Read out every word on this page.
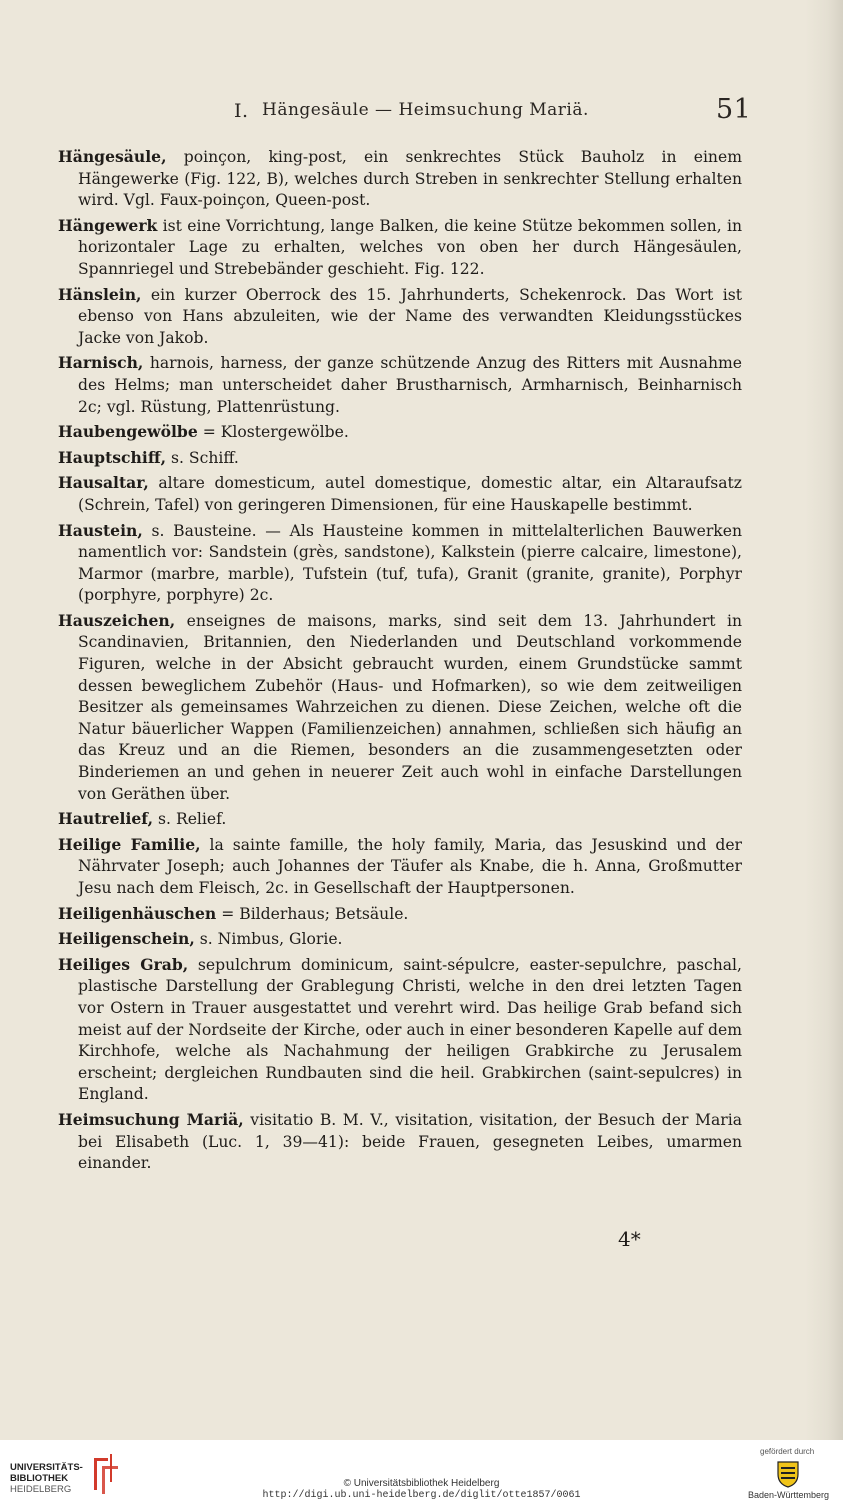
I. Hängesäule — Heimsuchung Mariä.	51

Hängesäule, poinçon, king-post, ein senkrechtes Stück Bauholz in einem Hängewerke (Fig. 122, B), welches durch Streben in senkrechter Stellung erhalten wird. Vgl. Faux-poinçon, Queen-post.

Hängewerk ist eine Vorrichtung, lange Balken, die keine Stütze bekommen sollen, in horizontaler Lage zu erhalten, welches von oben her durch Hängesäulen, Spannriegel und Strebebänder geschieht. Fig. 122.

Hänslein, ein kurzer Oberrock des 15. Jahrhunderts, Schekenrock. Das Wort ist ebenso von Hans abzuleiten, wie der Name des verwandten Kleidungsstückes Jacke von Jakob.

Harnisch, harnois, harness, der ganze schützende Anzug des Ritters mit Ausnahme des Helms; man unterscheidet daher Brustharnisch, Armharnisch, Beinharnisch 2c; vgl. Rüstung, Plattenrüstung.

Haubengewölbe = Klostergewölbe.

Hauptschiff, s. Schiff.

Hausaltar, altare domesticum, autel domestique, domestic altar, ein Altaraufsatz (Schrein, Tafel) von geringeren Dimensionen, für eine Hauskapelle bestimmt.

Haustein, s. Bausteine. — Als Hausteine kommen in mittelalterlichen Bauwerken namentlich vor: Sandstein (grès, sandstone), Kalkstein (pierre calcaire, limestone), Marmor (marbre, marble), Tufstein (tuf, tufa), Granit (granite, granite), Porphyr (porphyre, porphyre) 2c.

Hauszeichen, enseignes de maisons, marks, sind seit dem 13. Jahrhundert in Scandinavien, Britannien, den Niederlanden und Deutschland vorkommende Figuren, welche in der Absicht gebraucht wurden, einem Grundstücke sammt dessen beweglichem Zubehör (Haus- und Hofmarken), so wie dem zeitweiligen Besitzer als gemeinsames Wahrzeichen zu dienen. Diese Zeichen, welche oft die Natur bäuerlicher Wappen (Familienzeichen) annahmen, schließen sich häufig an das Kreuz und an die Riemen, besonders an die zusammengesetzten oder Binderiemen an und gehen in neuerer Zeit auch wohl in einfache Darstellungen von Geräthen über.

Hautrelief, s. Relief.

Heilige Familie, la sainte famille, the holy family, Maria, das Jesuskind und der Nährvater Joseph; auch Johannes der Täufer als Knabe, die h. Anna, Großmutter Jesu nach dem Fleisch, 2c. in Gesellschaft der Hauptpersonen.

Heiligenhäuschen = Bilderhaus; Betsäule.

Heiligenschein, s. Nimbus, Glorie.

Heiliges Grab, sepulchrum dominicum, saint-sépulcre, easter-sepulchre, paschal, plastische Darstellung der Grablegung Christi, welche in den drei letzten Tagen vor Ostern in Trauer ausgestattet und verehrt wird. Das heilige Grab befand sich meist auf der Nordseite der Kirche, oder auch in einer besonderen Kapelle auf dem Kirchhofe, welche als Nachahmung der heiligen Grabkirche zu Jerusalem erscheint; dergleichen Rundbauten sind die heil. Grabkirchen (saint-sepulcres) in England.

Heimsuchung Mariä, visitatio B. M. V., visitation, visitation, der Besuch der Maria bei Elisabeth (Luc. 1, 39—41): beide Frauen, gesegneten Leibes, umarmen einander.

4*
UNIVERSITÄTS-
BIBLIOTHEK
HEIDELBERG
© Universitätsbibliothek Heidelberg
http://digi.ub.uni-heidelberg.de/diglit/otte1857/0061
gefördert durch
Baden-Württemberg
